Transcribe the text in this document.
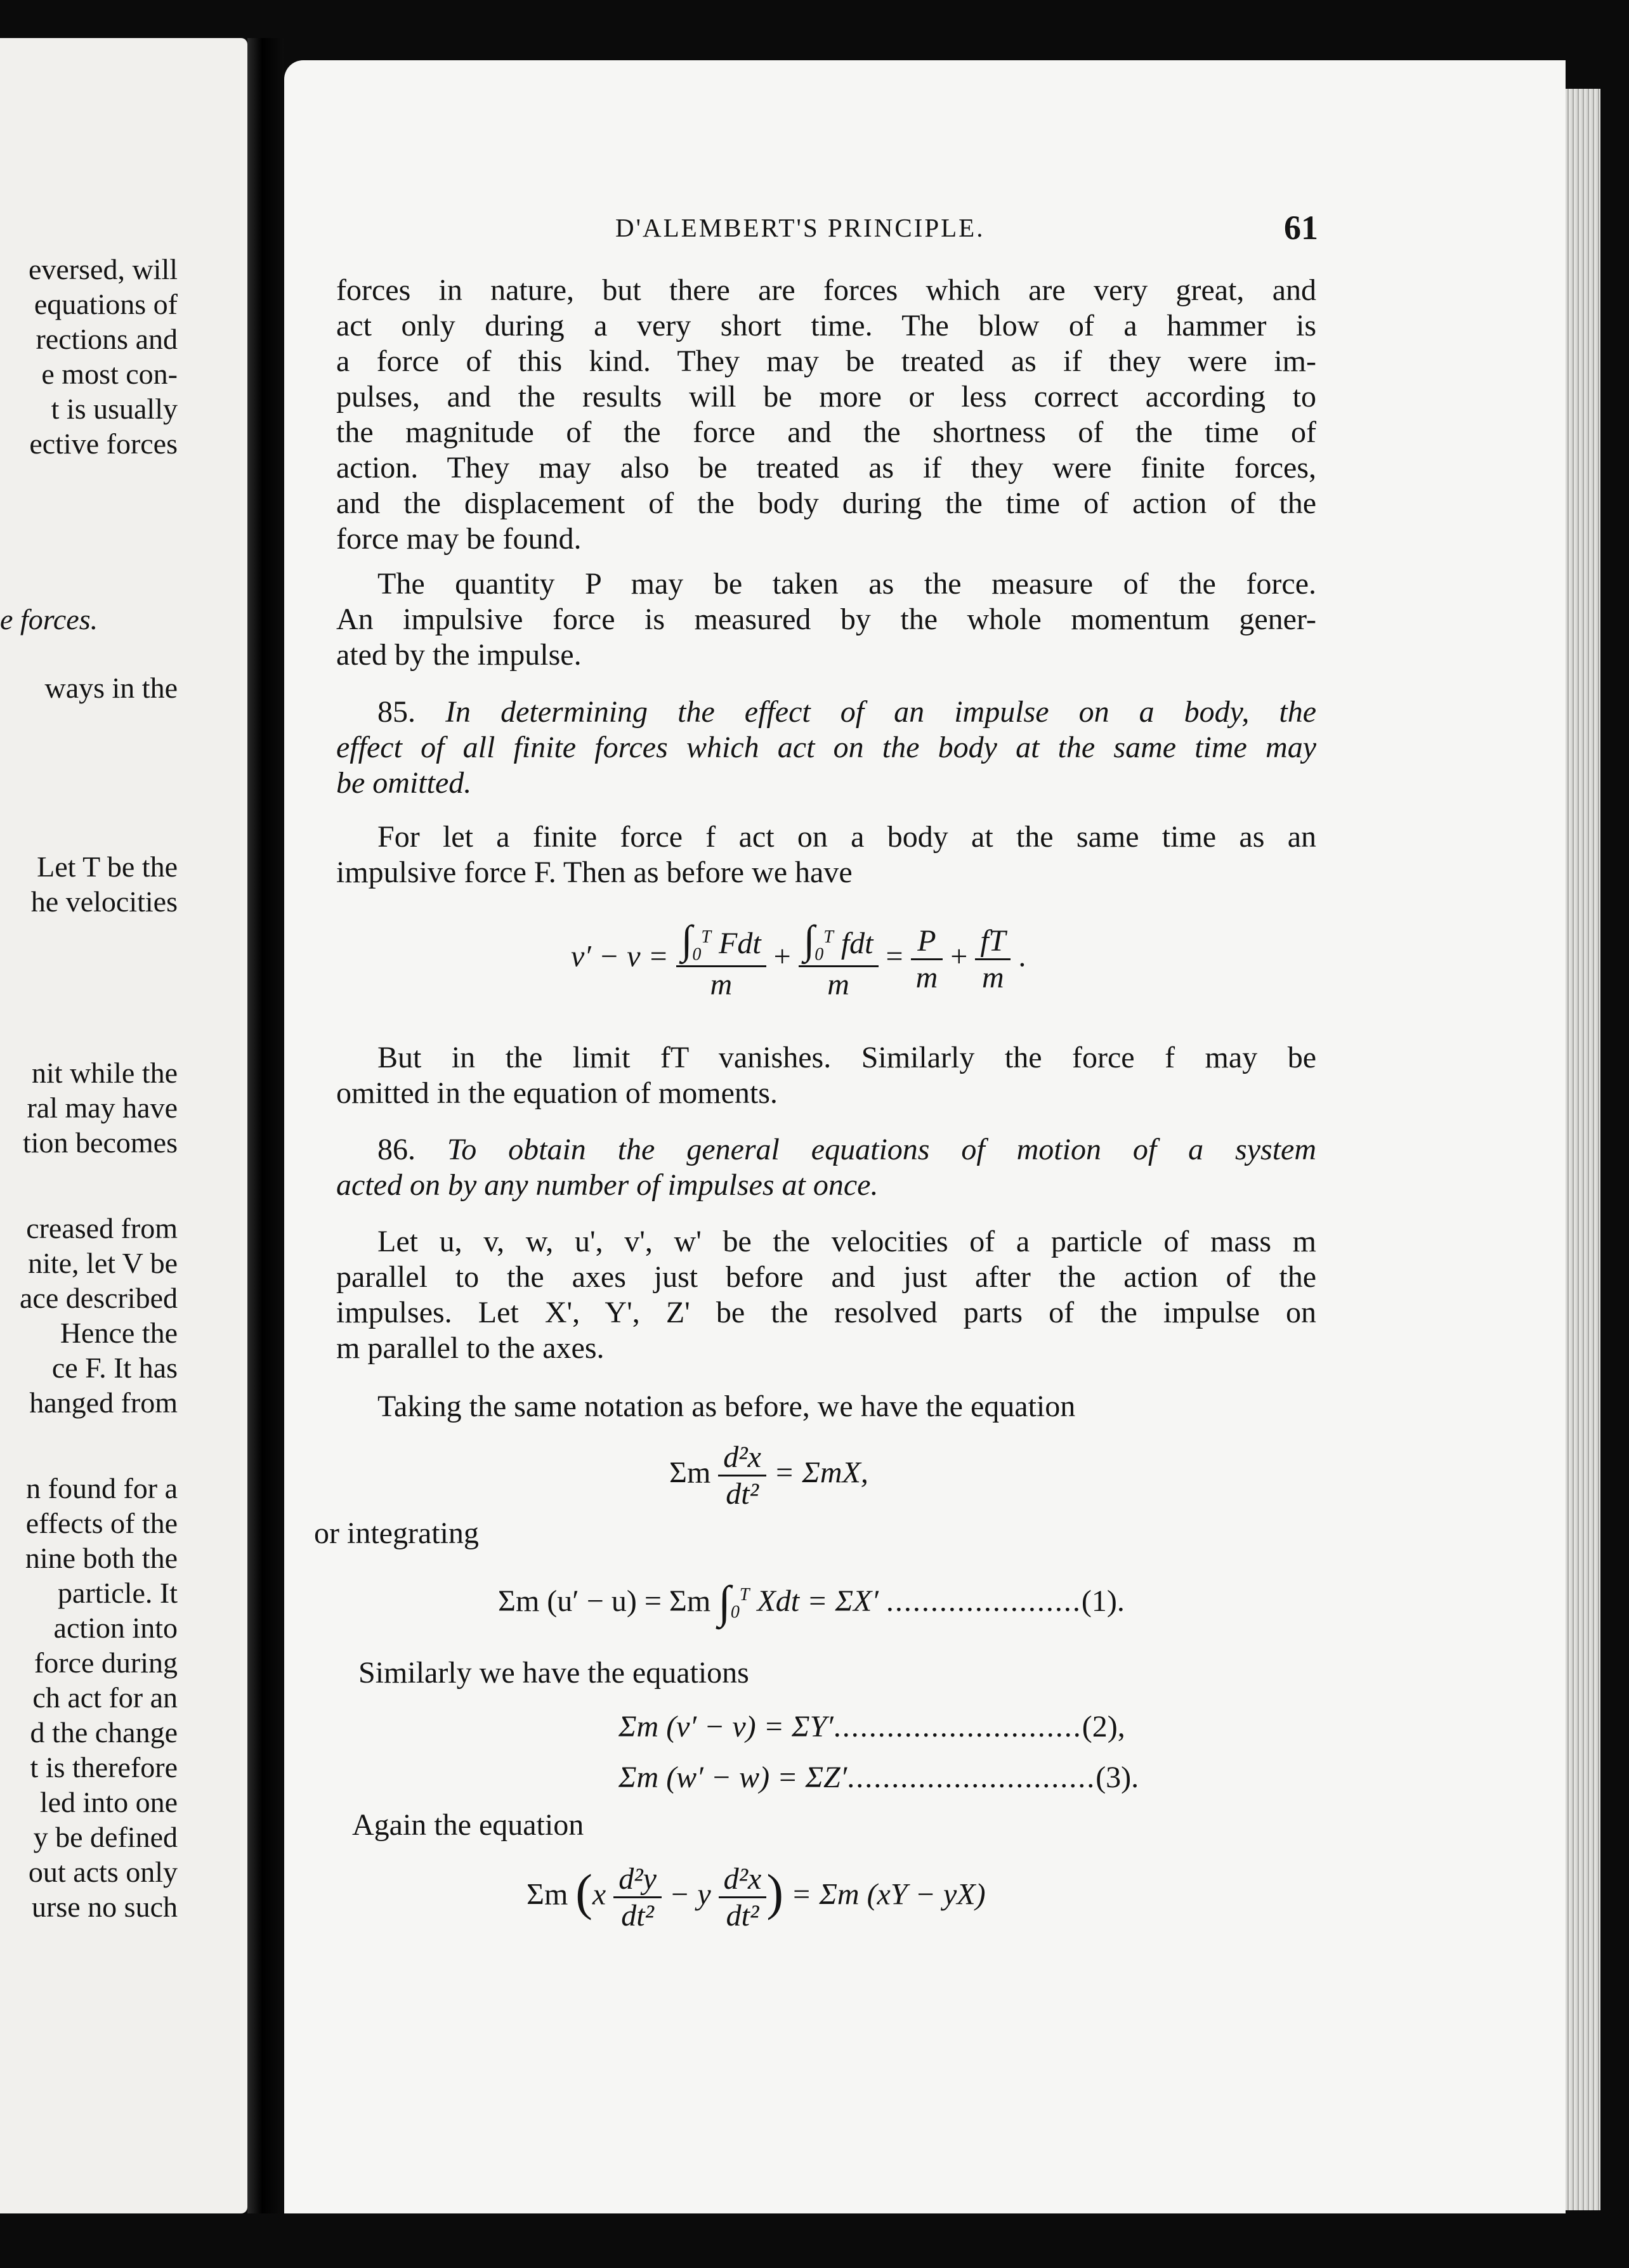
eversed, will
equations of
rections and
e most con-
t is usually
ective forces
e forces.
ways in the
Let T be the
he velocities
nit while the
ral may have
tion becomes
creased from
nite, let V be
ace described
Hence the
ce F. It has
hanged from
n found for a
effects of the
nine both the
particle. It
action into
force during
ch act for an
d the change
t is therefore
led into one
y be defined
out acts only
urse no such
D'ALEMBERT'S PRINCIPLE.	61
forces in nature, but there are forces which are very great, and
act only during a very short time. The blow of a hammer is
a force of this kind. They may be treated as if they were im-
pulses, and the results will be more or less correct according to
the magnitude of the force and the shortness of the time of
action. They may also be treated as if they were finite forces,
and the displacement of the body during the time of action of the
force may be found.
The quantity P may be taken as the measure of the force.
An impulsive force is measured by the whole momentum gener-
ated by the impulse.
85. In determining the effect of an impulse on a body, the
effect of all finite forces which act on the body at the same time may
be omitted.
For let a finite force f act on a body at the same time as an
impulsive force F. Then as before we have
$v' - v = \frac{\int_0^T Fdt}{m} + \frac{\int_0^T fdt}{m} = \frac{P}{m} + \frac{fT}{m}$ .
But in the limit fT vanishes. Similarly the force f may be
omitted in the equation of moments.
86. To obtain the general equations of motion of a system
acted on by any number of impulses at once.
Let u, v, w, u', v', w' be the velocities of a particle of mass m
parallel to the axes just before and just after the action of the
impulses. Let X', Y', Z' be the resolved parts of the impulse on
m parallel to the axes.
Taking the same notation as before, we have the equation
Σm $\frac{\text{d²x}}{\text{dt²}} = \Sigma mX$,
or integrating
Σm (u′ − u) = Σm $\int_0^T$ Xdt = ΣX′ ......................(1).
Similarly we have the equations
Σm (v′ − v) = ΣY′............................(2),
Σm (w′ − w) = ΣZ′............................(3).
Again the equation
Σm ($x \frac{\text{d²y}}{\text{dt²}} - y \frac{\text{d²x}}{\text{dt²}}$ ) = Σm (xY − yX)
